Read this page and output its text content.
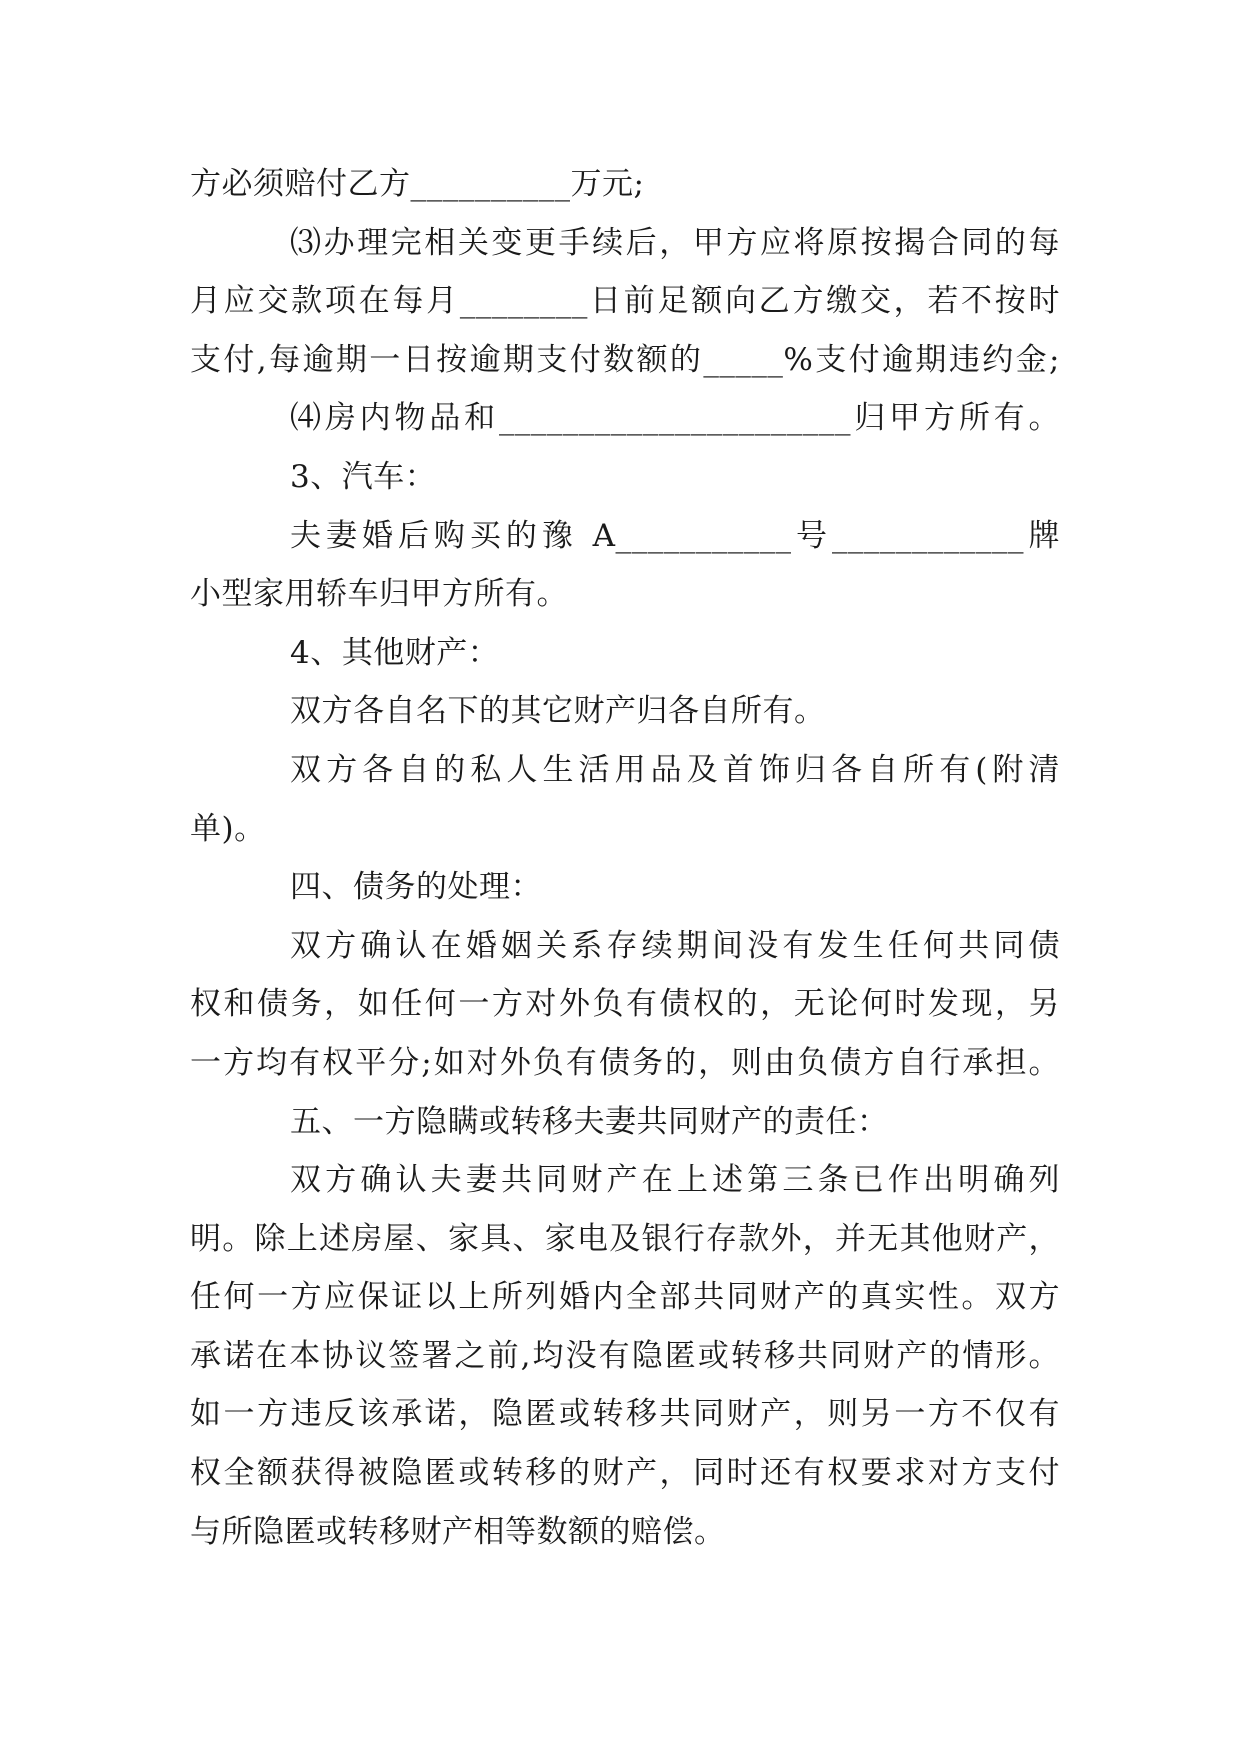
方必须赔付乙方__________万元;
⑶办理完相关变更手续后，甲方应将原按揭合同的每
月应交款项在每月________日前足额向乙方缴交，若不按时
支付,每逾期一日按逾期支付数额的_____%支付逾期违约金;
⑷房内物品和______________________归甲方所有。
3、汽车：
夫妻婚后购买的豫 A___________号____________牌
小型家用轿车归甲方所有。
4、其他财产：
双方各自名下的其它财产归各自所有。
双方各自的私人生活用品及首饰归各自所有(附清
单)。
四、债务的处理：
双方确认在婚姻关系存续期间没有发生任何共同债
权和债务，如任何一方对外负有债权的，无论何时发现，另
一方均有权平分;如对外负有债务的，则由负债方自行承担。
五、一方隐瞒或转移夫妻共同财产的责任：
双方确认夫妻共同财产在上述第三条已作出明确列
明。除上述房屋、家具、家电及银行存款外，并无其他财产，
任何一方应保证以上所列婚内全部共同财产的真实性。双方
承诺在本协议签署之前,均没有隐匿或转移共同财产的情形。
如一方违反该承诺，隐匿或转移共同财产，则另一方不仅有
权全额获得被隐匿或转移的财产，同时还有权要求对方支付
与所隐匿或转移财产相等数额的赔偿。
